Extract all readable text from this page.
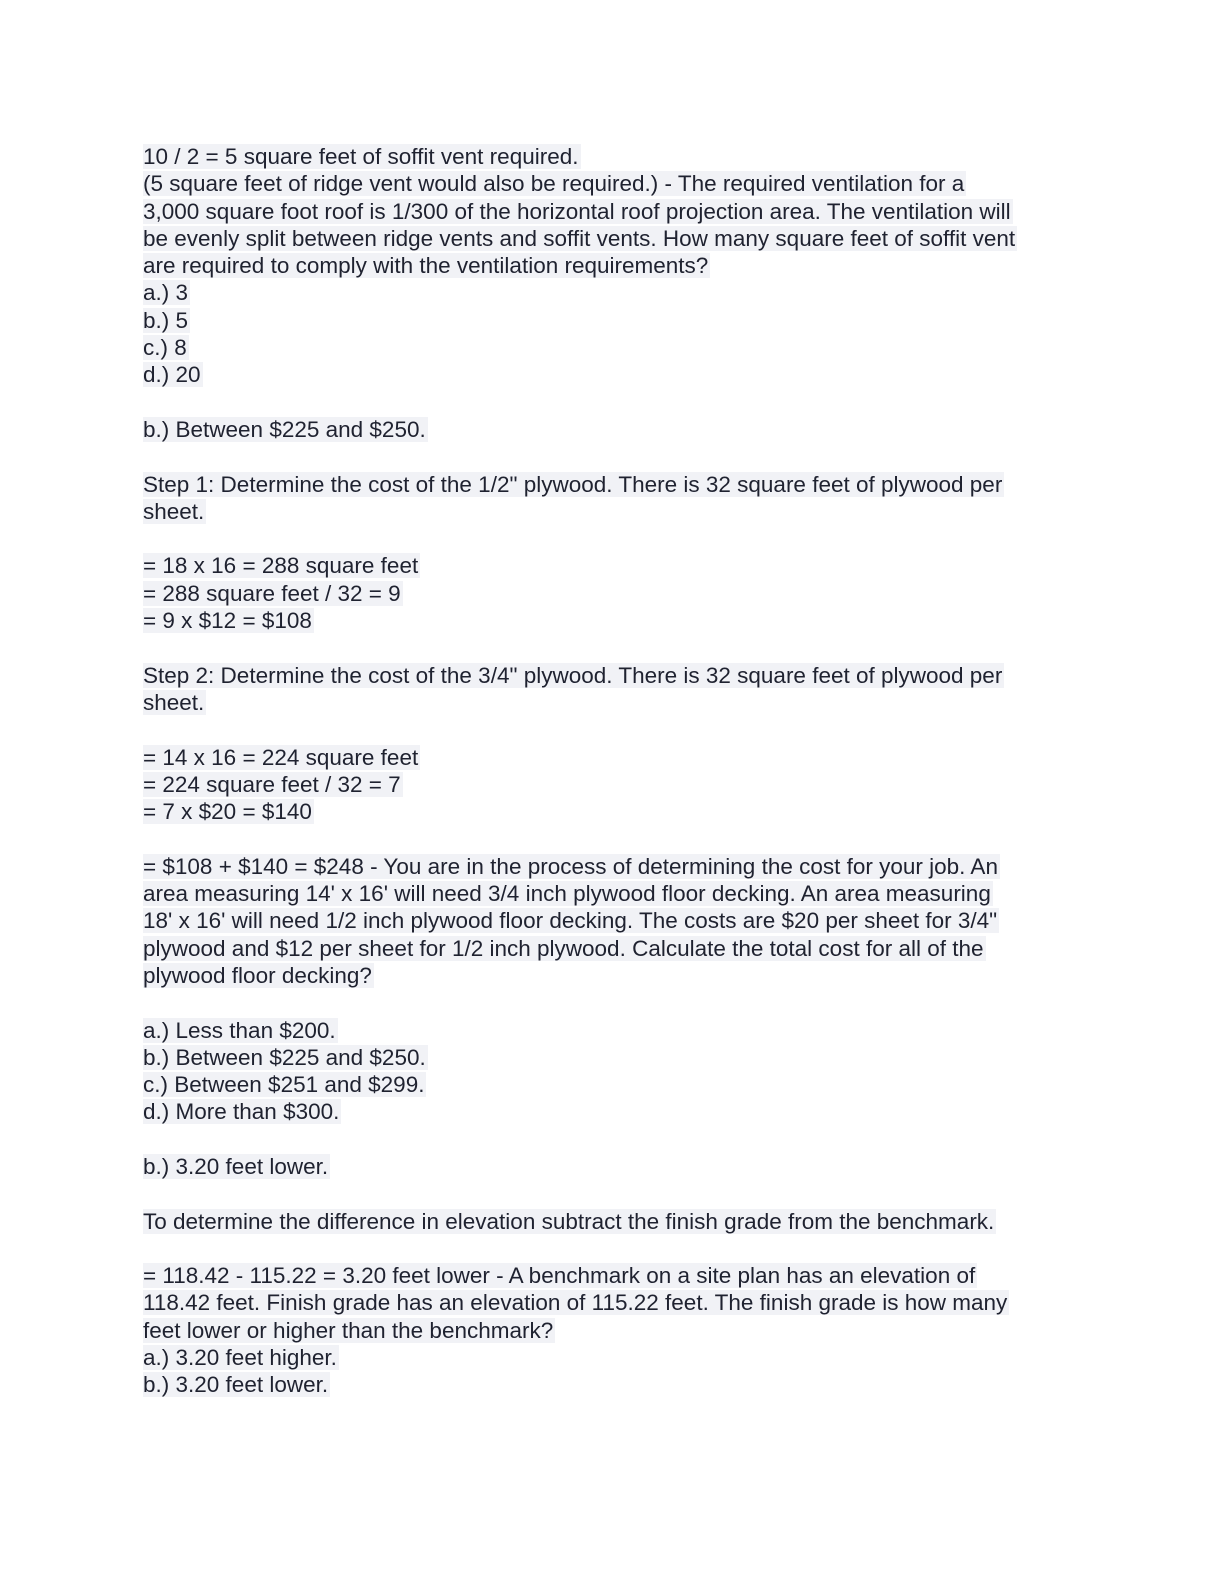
10 / 2 = 5 square feet of soffit vent required.
(5 square feet of ridge vent would also be required.) - The required ventilation for a
3,000 square foot roof is 1/300 of the horizontal roof projection area. The ventilation will
be evenly split between ridge vents and soffit vents. How many square feet of soffit vent
are required to comply with the ventilation requirements?
a.) 3
b.) 5
c.) 8
d.) 20
b.) Between $225 and $250.
Step 1: Determine the cost of the 1/2" plywood. There is 32 square feet of plywood per
sheet.
= 18 x 16 = 288 square feet
= 288 square feet / 32 = 9
= 9 x $12 = $108
Step 2: Determine the cost of the 3/4" plywood. There is 32 square feet of plywood per
sheet.
= 14 x 16 = 224 square feet
= 224 square feet / 32 = 7
= 7 x $20 = $140
= $108 + $140 = $248 - You are in the process of determining the cost for your job. An
area measuring 14' x 16' will need 3/4 inch plywood floor decking. An area measuring
18' x 16' will need 1/2 inch plywood floor decking. The costs are $20 per sheet for 3/4"
plywood and $12 per sheet for 1/2 inch plywood. Calculate the total cost for all of the
plywood floor decking?
a.) Less than $200.
b.) Between $225 and $250.
c.) Between $251 and $299.
d.) More than $300.
b.) 3.20 feet lower.
To determine the difference in elevation subtract the finish grade from the benchmark.
= 118.42 - 115.22 = 3.20 feet lower - A benchmark on a site plan has an elevation of
118.42 feet. Finish grade has an elevation of 115.22 feet. The finish grade is how many
feet lower or higher than the benchmark?
a.) 3.20 feet higher.
b.) 3.20 feet lower.
